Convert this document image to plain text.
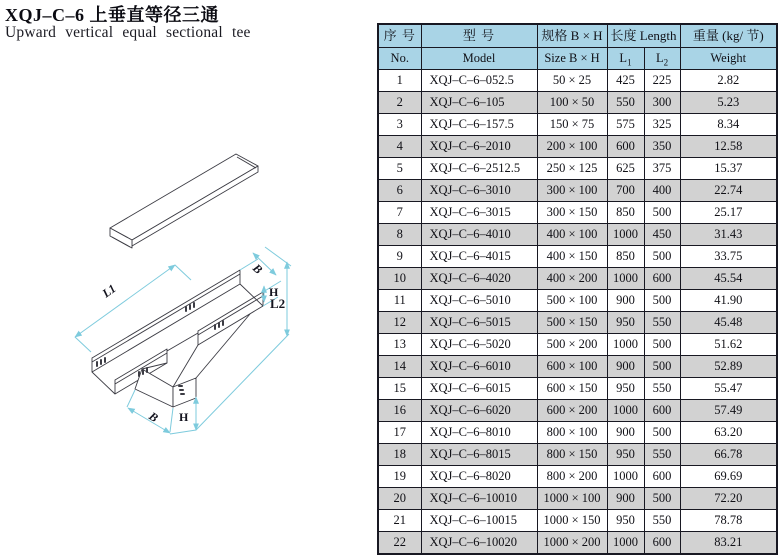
XQJ–C–6 上垂直等径三通
Upward vertical equal sectional tee
L1
B
H
L2
B H
序 号	型 号	规格 B × H	长度 Length		重量 (kg/ 节)
No.	Model	Size B × H	$L_1$	$L_2$	Weight
1	XQJ–C–6–052.5	50 × 25	425	225	2.82
2	XQJ–C–6–105	100 × 50	550	300	5.23
3	XQJ–C–6–157.5	150 × 75	575	325	8.34
4	XQJ–C–6–2010	200 × 100	600	350	12.58
5	XQJ–C–6–2512.5	250 × 125	625	375	15.37
6	XQJ–C–6–3010	300 × 100	700	400	22.74
7	XQJ–C–6–3015	300 × 150	850	500	25.17
8	XQJ–C–6–4010	400 × 100	1000	450	31.43
9	XQJ–C–6–4015	400 × 150	850	500	33.75
10	XQJ–C–6–4020	400 × 200	1000	600	45.54
11	XQJ–C–6–5010	500 × 100	900	500	41.90
12	XQJ–C–6–5015	500 × 150	950	550	45.48
13	XQJ–C–6–5020	500 × 200	1000	500	51.62
14	XQJ–C–6–6010	600 × 100	900	500	52.89
15	XQJ–C–6–6015	600 × 150	950	550	55.47
16	XQJ–C–6–6020	600 × 200	1000	600	57.49
17	XQJ–C–6–8010	800 × 100	900	500	63.20
18	XQJ–C–6–8015	800 × 150	950	550	66.78
19	XQJ–C–6–8020	800 × 200	1000	600	69.69
20	XQJ–C–6–10010	1000 × 100	900	500	72.20
21	XQJ–C–6–10015	1000 × 150	950	550	78.78
22	XQJ–C–6–10020	1000 × 200	1000	600	83.21
